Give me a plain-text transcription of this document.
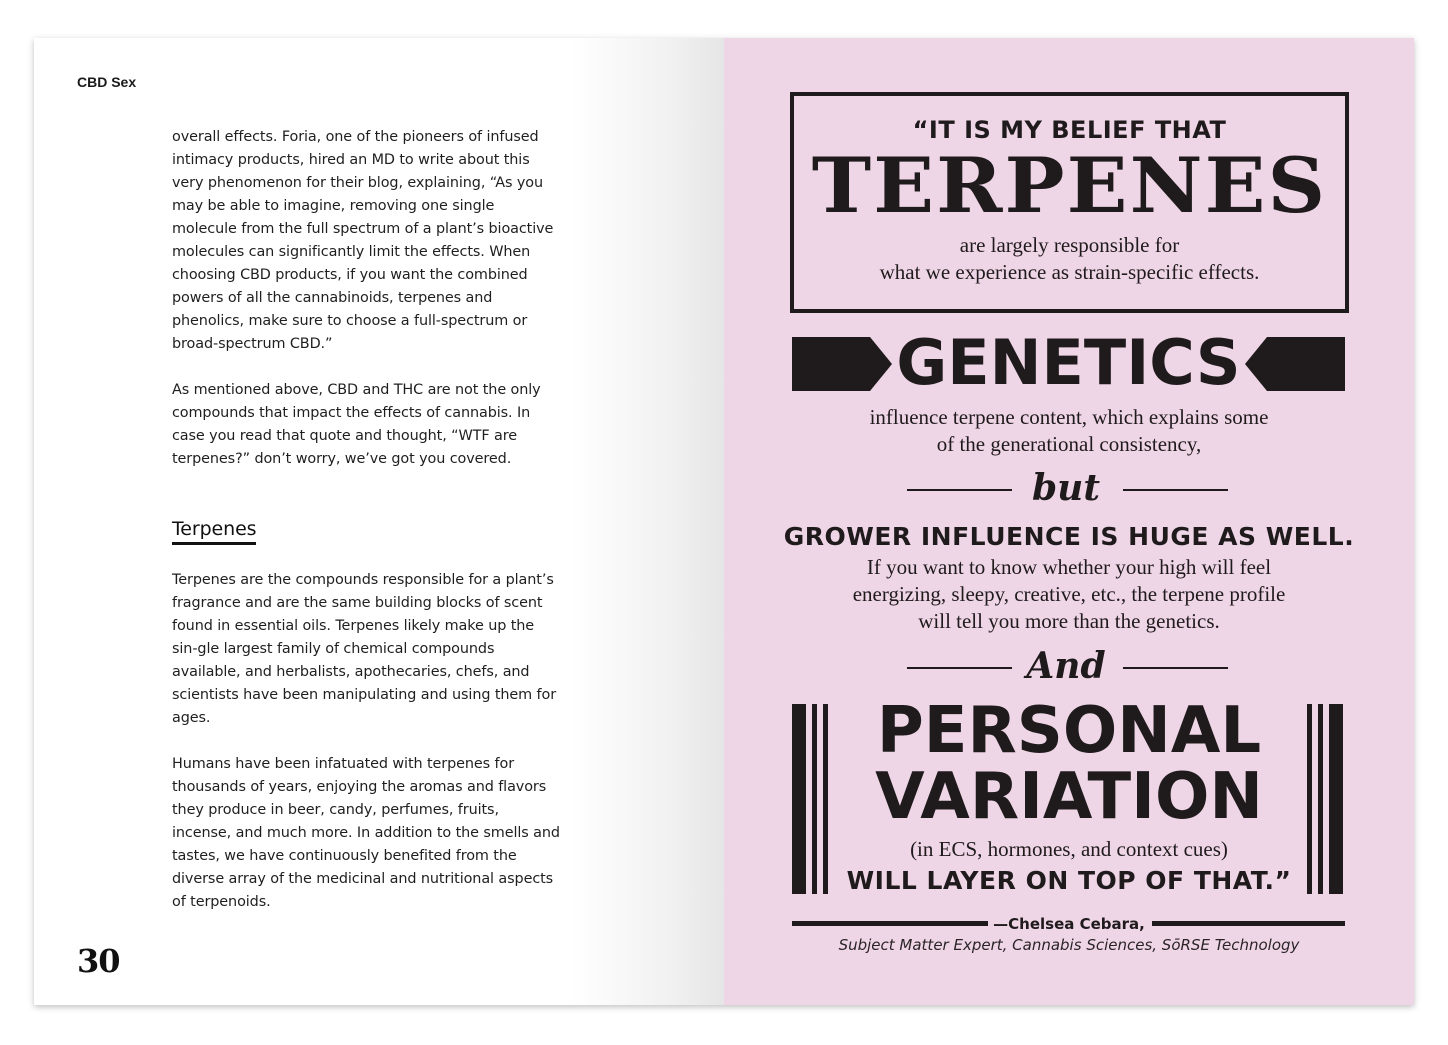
CBD Sex

overall effects. Foria, one of the pioneers of infused intimacy products, hired an MD to write about this very phenomenon for their blog, explaining, “As you may be able to imagine, removing one single molecule from the full spectrum of a plant’s bioactive molecules can significantly limit the effects. When choosing CBD products, if you want the combined powers of all the cannabinoids, terpenes and phenolics, make sure to choose a full-spectrum or broad-spectrum CBD.”

As mentioned above, CBD and THC are not the only compounds that impact the effects of cannabis. In case you read that quote and thought, “WTF are terpenes?” don’t worry, we’ve got you covered.

Terpenes

Terpenes are the compounds responsible for a plant’s fragrance and are the same building blocks of scent found in essential oils. Terpenes likely make up the sin-gle largest family of chemical compounds available, and herbalists, apothecaries, chefs, and scientists have been manipulating and using them for ages.

Humans have been infatuated with terpenes for thousands of years, enjoying the aromas and flavors they produce in beer, candy, perfumes, fruits, incense, and much more. In addition to the smells and tastes, we have continuously benefited from the diverse array of the medicinal and nutritional aspects of terpenoids.

30
“IT IS MY BELIEF THAT
TERPENES
are largely responsible for
what we experience as strain-specific effects.
GENETICS
influence terpene content, which explains some
of the generational consistency,
but
GROWER INFLUENCE IS HUGE AS WELL.
If you want to know whether your high will feel
energizing, sleepy, creative, etc., the terpene profile
will tell you more than the genetics.
And
PERSONAL
VARIATION
(in ECS, hormones, and context cues)
WILL LAYER ON TOP OF THAT.”
—Chelsea Cebara,
Subject Matter Expert, Cannabis Sciences, SōRSE Technology
